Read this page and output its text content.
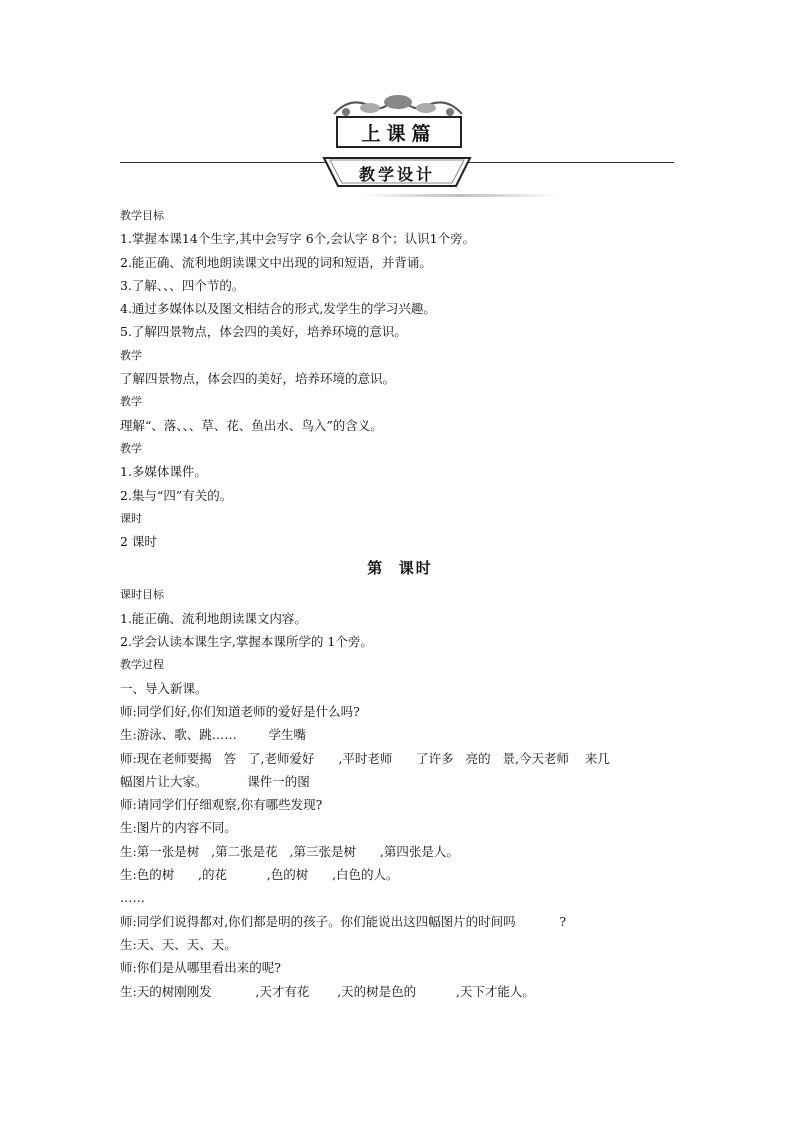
上课篇
教学设计
教学目标
1.掌握本课14个生字,其中会写字 6个,会认字 8个；认识1个旁。
2.能正确、流利地朗读课文中出现的词和短语，并背诵。
3.了解、、、四个节的。
4.通过多媒体以及图文相结合的形式,发学生的学习兴趣。
5.了解四景物点，体会四的美好，培养环境的意识。
教学
了解四景物点，体会四的美好，培养环境的意识。
教学
理解“、落、、、草、花、鱼出水、鸟入”的含义。
教学
1.多媒体课件。
2.集与“四”有关的。
课时
2 课时
第  课时
课时目标
1.能正确、流利地朗读课文内容。
2.学会认读本课生字,掌握本课所学的 1个旁。
教学过程
一、导入新课。
师:同学们好,你们知道老师的爱好是什么吗?
生:游泳、歌、跳……        学生嘴
师:现在老师要揭   答   了,老师爱好      ,平时老师      了许多   亮的   景,今天老师    来几
幅图片让大家。          课件一的图
师:请同学们仔细观察,你有哪些发现?
生:图片的内容不同。
生:第一张是树   ,第二张是花   ,第三张是树      ,第四张是人。
生:色的树      ,的花          ,色的树      ,白色的人。
……
师:同学们说得都对,你们都是明的孩子。你们能说出这四幅图片的时间吗           ?
生:天、天、天、天。
师:你们是从哪里看出来的呢?
生:天的树刚刚发           ,天才有花       ,天的树是色的          ,天下才能人。
